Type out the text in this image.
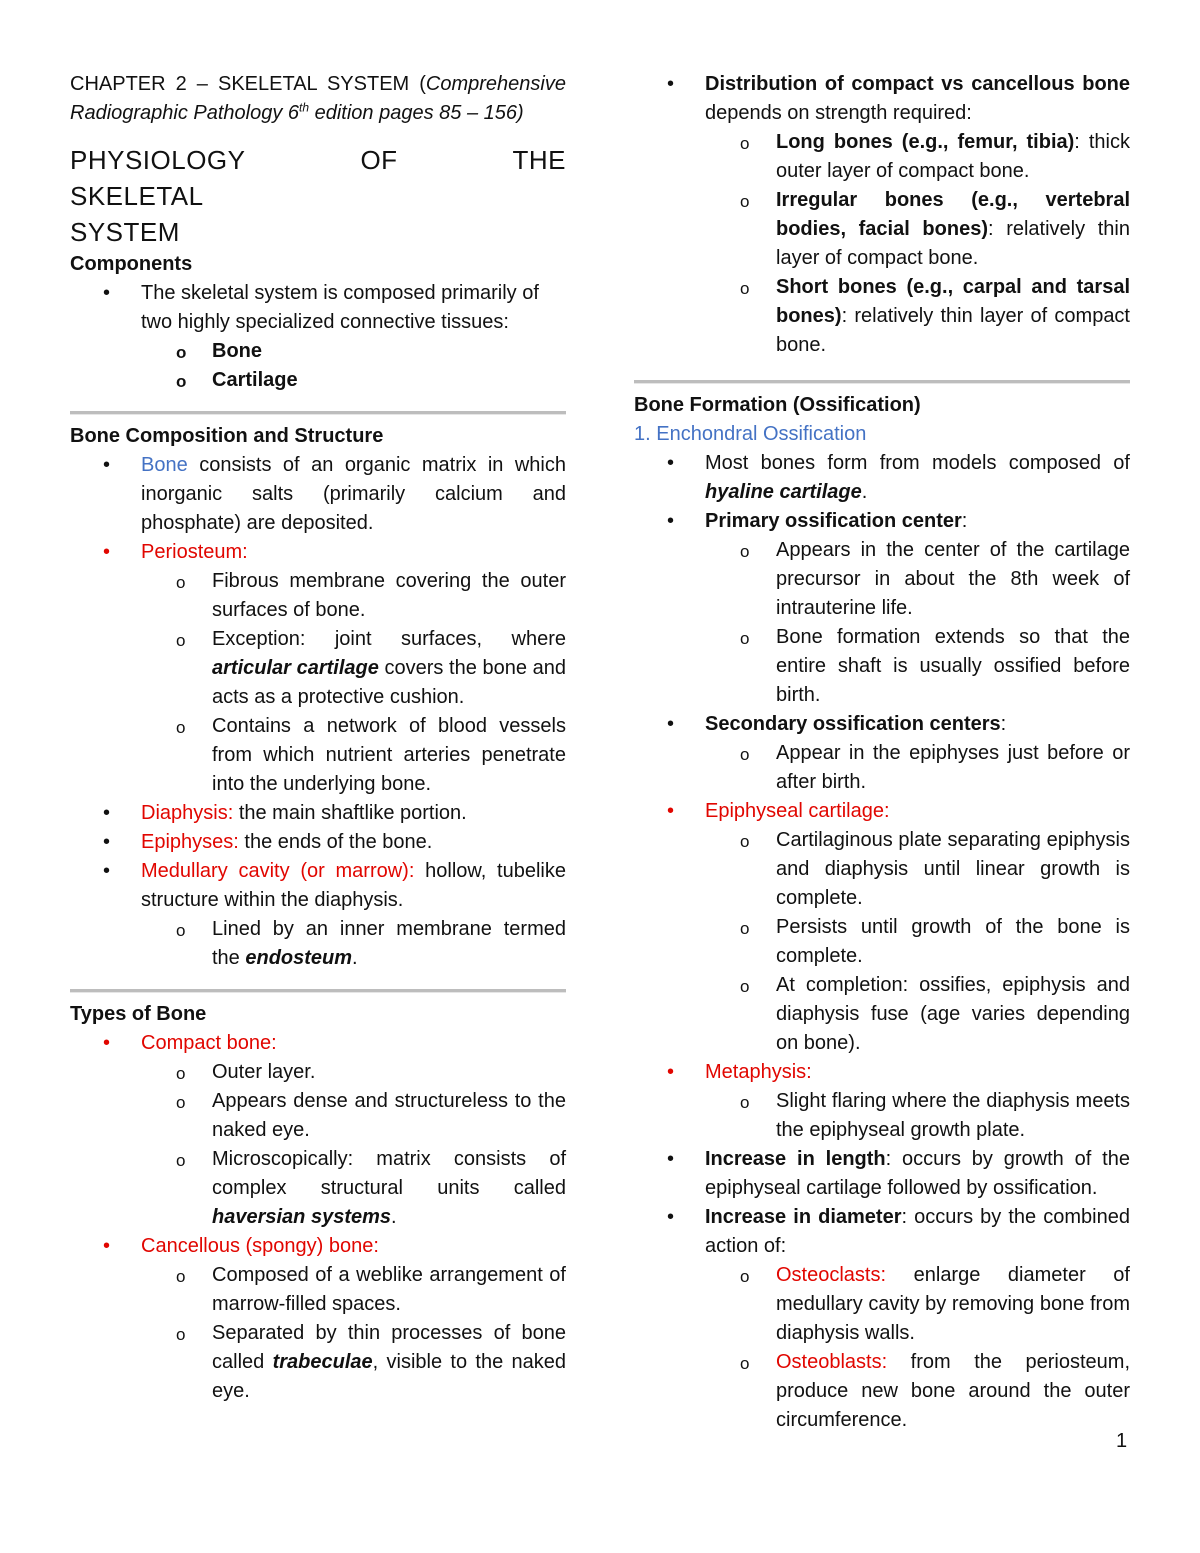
CHAPTER 2 – SKELETAL SYSTEM (Comprehensive Radiographic Pathology 6th edition pages 85 – 156)

PHYSIOLOGY OF THE SKELETAL
SYSTEM

Components

• The skeletal system is composed primarily of two highly specialized connective tissues:
o Bone
o Cartilage

Bone Composition and Structure

• Bone consists of an organic matrix in which inorganic salts (primarily calcium and phosphate) are deposited.
• Periosteum:
o Fibrous membrane covering the outer surfaces of bone.
o Exception: joint surfaces, where articular cartilage covers the bone and acts as a protective cushion.
o Contains a network of blood vessels from which nutrient arteries penetrate into the underlying bone.
• Diaphysis: the main shaftlike portion.
• Epiphyses: the ends of the bone.
• Medullary cavity (or marrow): hollow, tubelike structure within the diaphysis.
o Lined by an inner membrane termed the endosteum.

Types of Bone

• Compact bone:
o Outer layer.
o Appears dense and structureless to the naked eye.
o Microscopically: matrix consists of complex structural units called haversian systems.
• Cancellous (spongy) bone:
o Composed of a weblike arrangement of marrow-filled spaces.
o Separated by thin processes of bone called trabeculae, visible to the naked eye.
• Distribution of compact vs cancellous bone depends on strength required:
o Long bones (e.g., femur, tibia): thick outer layer of compact bone.
o Irregular bones (e.g., vertebral bodies, facial bones): relatively thin layer of compact bone.
o Short bones (e.g., carpal and tarsal bones): relatively thin layer of compact bone.

Bone Formation (Ossification)

1. Enchondral Ossification

• Most bones form from models composed of hyaline cartilage.
• Primary ossification center:
o Appears in the center of the cartilage precursor in about the 8th week of intrauterine life.
o Bone formation extends so that the entire shaft is usually ossified before birth.
• Secondary ossification centers:
o Appear in the epiphyses just before or after birth.
• Epiphyseal cartilage:
o Cartilaginous plate separating epiphysis and diaphysis until linear growth is complete.
o Persists until growth of the bone is complete.
o At completion: ossifies, epiphysis and diaphysis fuse (age varies depending on bone).
• Metaphysis:
o Slight flaring where the diaphysis meets the epiphyseal growth plate.
• Increase in length: occurs by growth of the epiphyseal cartilage followed by ossification.
• Increase in diameter: occurs by the combined action of:
o Osteoclasts: enlarge diameter of medullary cavity by removing bone from diaphysis walls.
o Osteoblasts: from the periosteum, produce new bone around the outer circumference.
1
